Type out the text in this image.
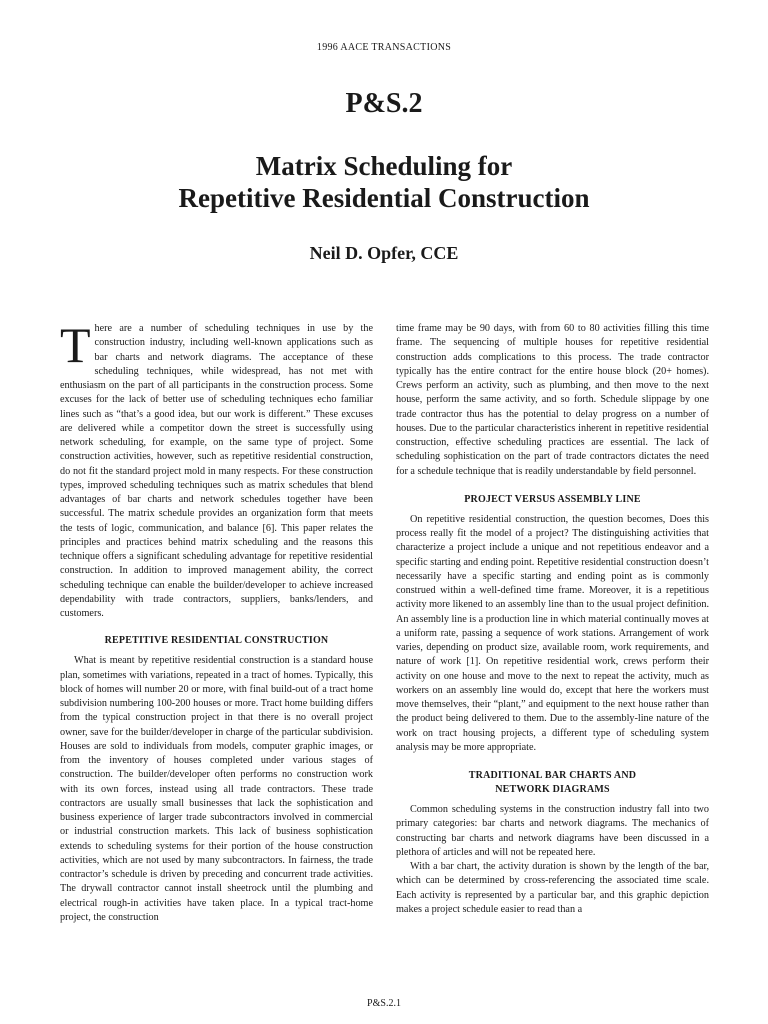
1996 AACE TRANSACTIONS
P&S.2
Matrix Scheduling for
Repetitive Residential Construction
Neil D. Opfer, CCE

There are a number of scheduling techniques in use by the construction industry, including well-known applications such as bar charts and network diagrams. The acceptance of these scheduling techniques, while widespread, has not met with enthusiasm on the part of all participants in the construction process. Some excuses for the lack of better use of scheduling techniques echo familiar lines such as “that’s a good idea, but our work is different.” These excuses are delivered while a competitor down the street is successfully using network scheduling, for example, on the same type of project. Some construction activities, however, such as repetitive residential construction, do not fit the standard project mold in many respects. For these construction types, improved scheduling techniques such as matrix schedules that blend advantages of bar charts and network schedules together have been successful. The matrix schedule provides an organization form that meets the tests of logic, communication, and balance [6]. This paper relates the principles and practices behind matrix scheduling and the reasons this technique offers a significant scheduling advantage for repetitive residential construction. In addition to improved management ability, the correct scheduling technique can enable the builder/developer to achieve increased dependability with trade contractors, suppliers, banks/lenders, and customers.

REPETITIVE RESIDENTIAL CONSTRUCTION

What is meant by repetitive residential construction is a standard house plan, sometimes with variations, repeated in a tract of homes. Typically, this block of homes will number 20 or more, with final build-out of a tract home subdivision numbering 100-200 houses or more. Tract home building differs from the typical construction project in that there is no overall project owner, save for the builder/developer in charge of the particular subdivision. Houses are sold to individuals from models, computer graphic images, or from the inventory of houses completed under various stages of construction. The builder/developer often performs no construction work with its own forces, instead using all trade contractors. These trade contractors are usually small businesses that lack the sophistication and business experience of larger trade subcontractors involved in commercial or industrial construction markets. This lack of business sophistication extends to scheduling systems for their portion of the house construction activities, which are not used by many subcontractors. In fairness, the trade contractor’s schedule is driven by preceding and concurrent trade activities. The drywall contractor cannot install sheetrock until the plumbing and electrical rough-in activities have taken place. In a typical tract-home project, the construction

time frame may be 90 days, with from 60 to 80 activities filling this time frame. The sequencing of multiple houses for repetitive residential construction adds complications to this process. The trade contractor typically has the entire contract for the entire house block (20+ homes). Crews perform an activity, such as plumbing, and then move to the next house, perform the same activity, and so forth. Schedule slippage by one trade contractor thus has the potential to delay progress on a number of houses. Due to the particular characteristics inherent in repetitive residential construction, effective scheduling practices are essential. The lack of scheduling sophistication on the part of trade contractors dictates the need for a schedule technique that is readily understandable by field personnel.

PROJECT VERSUS ASSEMBLY LINE

On repetitive residential construction, the question becomes, Does this process really fit the model of a project? The distinguishing activities that characterize a project include a unique and not repetitious endeavor and a specific starting and ending point. Repetitive residential construction doesn’t necessarily have a specific starting and ending point as is commonly construed within a well-defined time frame. Moreover, it is a repetitious activity more likened to an assembly line than to the usual project definition. An assembly line is a production line in which material continually moves at a uniform rate, passing a sequence of work stations. Arrangement of work varies, depending on product size, available room, work requirements, and nature of work [1]. On repetitive residential work, crews perform their activity on one house and move to the next to repeat the activity, much as workers on an assembly line would do, except that here the workers must move themselves, their “plant,” and equipment to the next house rather than the product being delivered to them. Due to the assembly-line nature of the work on tract housing projects, a different type of scheduling system analysis may be more appropriate.

TRADITIONAL BAR CHARTS AND
NETWORK DIAGRAMS

Common scheduling systems in the construction industry fall into two primary categories: bar charts and network diagrams. The mechanics of constructing bar charts and network diagrams have been discussed in a plethora of articles and will not be repeated here.

With a bar chart, the activity duration is shown by the length of the bar, which can be determined by cross-referencing the associated time scale. Each activity is represented by a particular bar, and this graphic depiction makes a project schedule easier to read than a

P&S.2.1
